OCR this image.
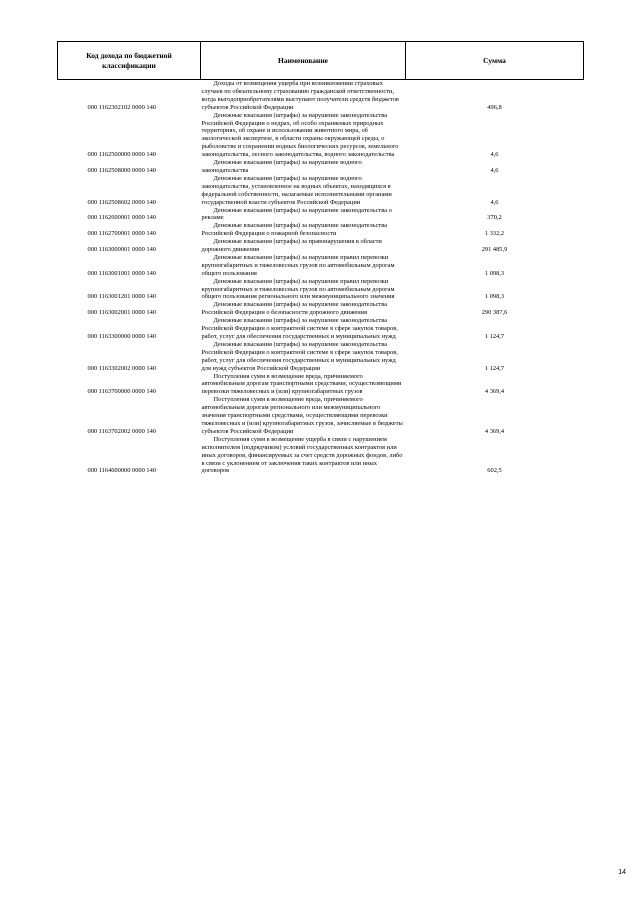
Код дохода по бюджетной классификации	Наименование	Сумма
000 1162302102 0000 140	Доходы от возмещения ущерба при возникновении страховых случаев по обязательному страхованию гражданской ответственности, когда выгодоприобретателями выступают получатели средств бюджетов субъектов Российской Федерации	496,8
000 1162500000 0000 140	Денежные взыскания (штрафы) за нарушение законодательства Российской Федерации о недрах, об особо охраняемых природных территориях, об охране и использовании животного мира, об экологической экспертизе, в области охраны окружающей среды, о рыболовстве и сохранении водных биологических ресурсов, земельного законодательства, лесного законодательства, водного законодательства	4,6
000 1162508000 0000 140	Денежные взыскания (штрафы) за нарушение водного законодательства	4,6
000 1162508602 0000 140	Денежные взыскания (штрафы) за нарушение водного законодательства, установленное на водных объектах, находящихся в федеральной собственности, налагаемые исполнительными органами государственной власти субъектов Российской Федерации	4,6
000 1162600001 0000 140	Денежные взыскания (штрафы) за нарушение законодательства о рекламе	370,2
000 1162700001 0000 140	Денежные взыскания (штрафы) за нарушение законодательства Российской Федерации о пожарной безопасности	1 332,2
000 1163000001 0000 140	Денежные взыскания (штрафы) за правонарушения в области дорожного движения	291 485,9
000 1163001001 0000 140	Денежные взыскания (штрафы) за нарушение правил перевозки крупногабаритных и тяжеловесных грузов по автомобильным дорогам общего пользования	1 098,3
000 1163001201 0000 140	Денежные взыскания (штрафы) за нарушение правил перевозки крупногабаритных и тяжеловесных грузов по автомобильным дорогам общего пользования регионального или межмуниципального значения	1 098,3
000 1163002001 0000 140	Денежные взыскания (штрафы) за нарушение законодательства Российской Федерации о безопасности дорожного движения	290 387,6
000 1163300000 0000 140	Денежные взыскания (штрафы) за нарушение законодательства Российской Федерации о контрактной системе в сфере закупок товаров, работ, услуг для обеспечения государственных и муниципальных нужд	1 124,7
000 1163302002 0000 140	Денежные взыскания (штрафы) за нарушение законодательства Российской Федерации о контрактной системе в сфере закупок товаров, работ, услуг для обеспечения государственных и муниципальных нужд для нужд субъектов Российской Федерации	1 124,7
000 1163700000 0000 140	Поступления сумм в возмещение вреда, причиняемого автомобильным дорогам транспортными средствами, осуществляющими перевозки тяжеловесных и (или) крупногабаритных грузов	4 369,4
000 1163702002 0000 140	Поступления сумм в возмещение вреда, причиняемого автомобильным дорогам регионального или межмуниципального значения транспортными средствами, осуществляющими перевозки тяжеловесных и (или) крупногабаритных грузов, зачисляемые в бюджеты субъектов Российской Федерации	4 369,4
000 1164600000 0000 140	Поступления сумм в возмещение ущерба в связи с нарушением исполнителем (подрядчиком) условий государственных контрактов или иных договоров, финансируемых за счет средств дорожных фондов, либо в связи с уклонением от заключения таких контрактов или иных договоров	602,5
14
